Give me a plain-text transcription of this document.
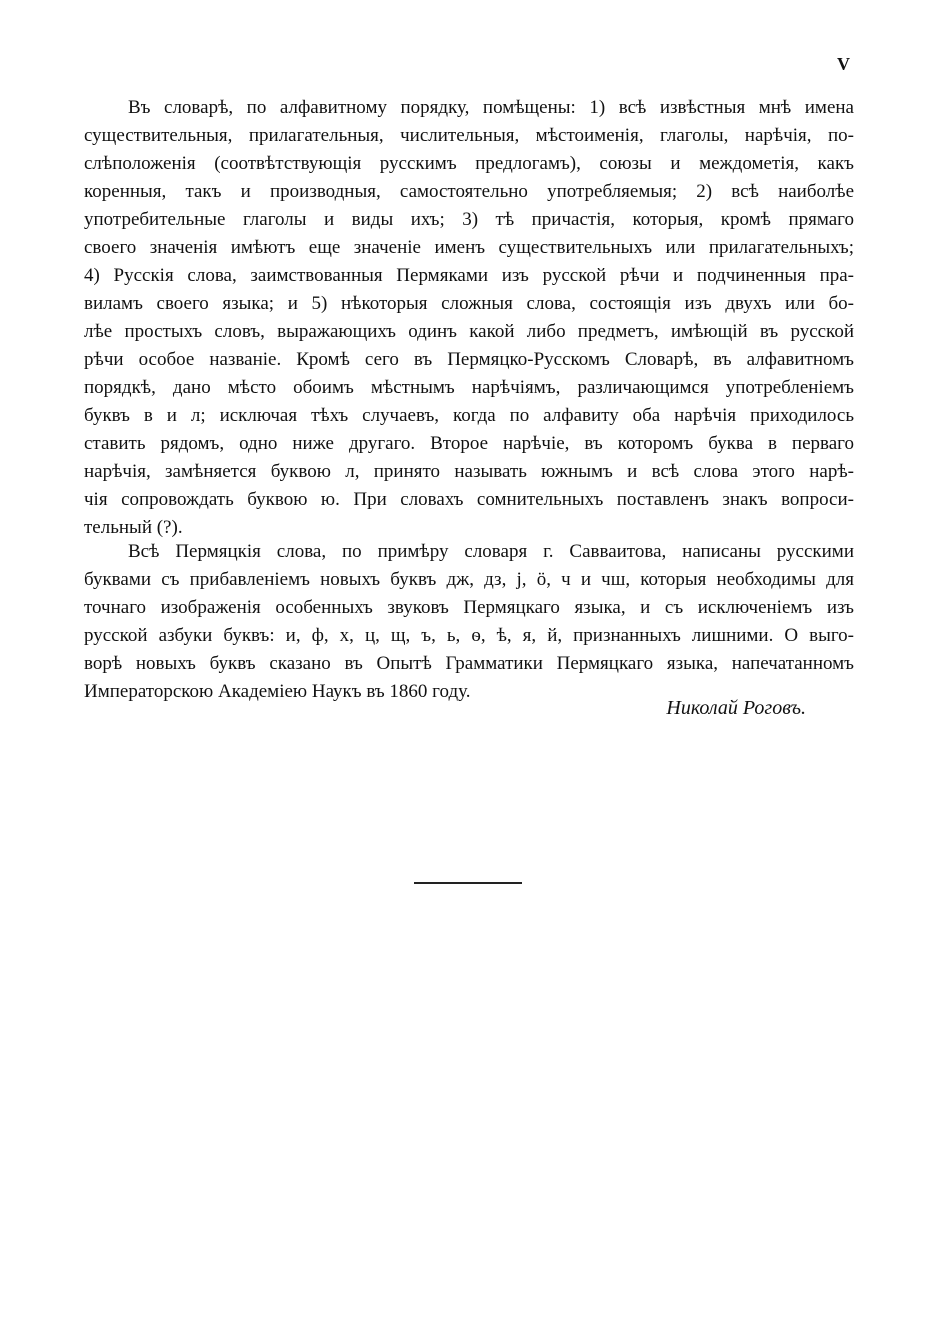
V
Въ словарѣ, по алфавитному порядку, помѣщены: 1) всѣ извѣстныя мнѣ имена
существительныя, прилагательныя, числительныя, мѣстоименія, глаголы, нарѣчія, по-
слѣположенія (соотвѣтствующія русскимъ предлогамъ), союзы и междометія, какъ
коренныя, такъ и производныя, самостоятельно употребляемыя; 2) всѣ наиболѣе
употребительные глаголы и виды ихъ; 3) тѣ причастія, которыя, кромѣ прямаго
своего значенія имѣютъ еще значеніе именъ существительныхъ или прилагательныхъ;
4) Русскія слова, заимствованныя Пермяками изъ русской рѣчи и подчиненныя пра-
виламъ своего языка; и 5) нѣкоторыя сложныя слова, состоящія изъ двухъ или бо-
лѣе простыхъ словъ, выражающихъ одинъ какой либо предметъ, имѣющій въ русской
рѣчи особое названіе. Кромѣ сего въ Пермяцко-Русскомъ Словарѣ, въ алфавитномъ
порядкѣ, дано мѣсто обоимъ мѣстнымъ нарѣчіямъ, различающимся употребленіемъ
буквъ в и л; исключая тѣхъ случаевъ, когда по алфавиту оба нарѣчія приходилось
ставить рядомъ, одно ниже другаго. Второе нарѣчіе, въ которомъ буква в перваго
нарѣчія, замѣняется буквою л, принято называть южнымъ и всѣ слова этого нарѣ-
чія сопровождать буквою ю. При словахъ сомнительныхъ поставленъ знакъ вопроси-
тельный (?).
Всѣ Пермяцкія слова, по примѣру словаря г. Савваитова, написаны русскими
буквами съ прибавленіемъ новыхъ буквъ дж, дз, j, ö, ч и чш, которыя необходимы для
точнаго изображенія особенныхъ звуковъ Пермяцкаго языка, и съ исключеніемъ изъ
русской азбуки буквъ: и, ф, х, ц, щ, ъ, ь, ѳ, ѣ, я, й, признанныхъ лишними. О выго-
ворѣ новыхъ буквъ сказано въ Опытѣ Грамматики Пермяцкаго языка, напечатанномъ
Императорскою Академіею Наукъ въ 1860 году.
Николай Роговъ.
